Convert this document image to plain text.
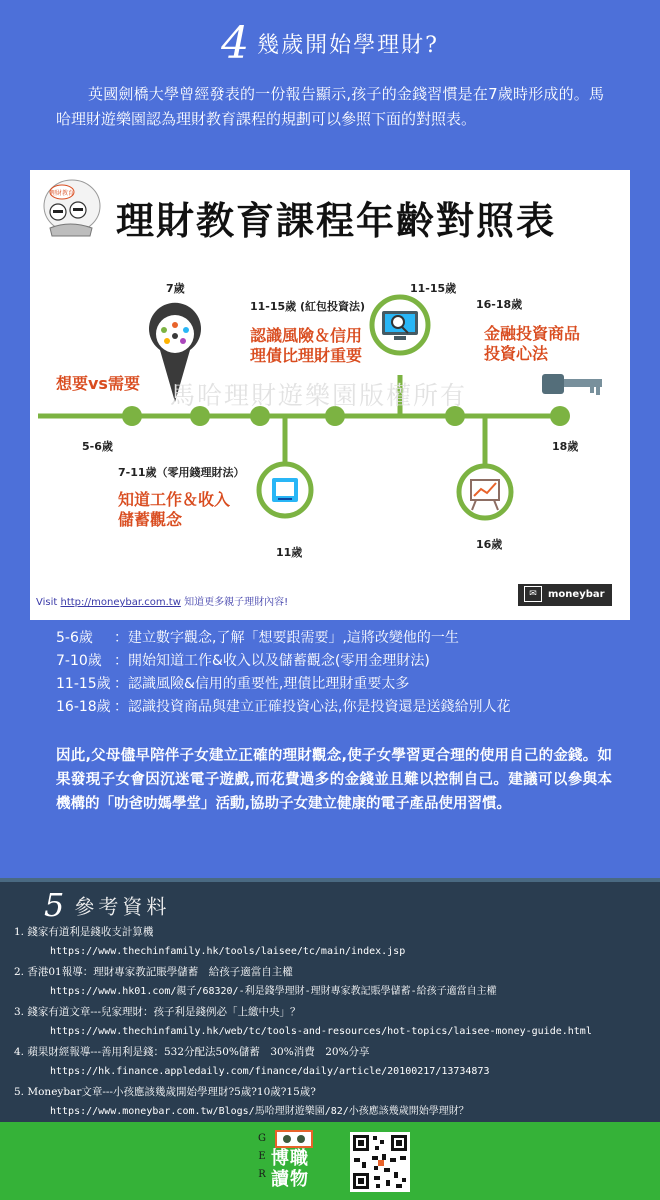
4 幾歲開始學理財?
英國劍橋大學曾經發表的一份報告顯示,孩子的金錢習慣是在7歲時形成的。馬哈理財遊樂園認為理財教育課程的規劃可以參照下面的對照表。
理財教育
理財教育課程年齡對照表
馬哈理財遊樂園版權所有
7歲
11-15歲 (紅包投資法)
11-15歲
16-18歲
5-6歲	18歲
7-11歲（零用錢理財法）
11歲
16歲
想要vs需要
認識風險＆信用
理債比理財重要
金融投資商品
投資心法
知道工作＆收入
儲蓄觀念
Visit http://moneybar.com.tw 知道更多親子理財內容!
✉ moneybar
5-6歲 ：建立數字觀念,了解「想要跟需要」,這將改變他的一生
7-10歲 ：開始知道工作&收入以及儲蓄觀念(零用金理財法)
11-15歲 ：認識風險&信用的重要性,理債比理財重要太多
16-18歲 ：認識投資商品與建立正確投資心法,你是投資還是送錢給別人花
因此,父母儘早陪伴子女建立正確的理財觀念,使子女學習更合理的使用自己的金錢。如果發現子女會因沉迷電子遊戲,而花費過多的金錢並且難以控制自己。建議可以參與本機構的「叻爸叻媽學堂」活動,協助子女建立健康的電子產品使用習慣。
5 參考資料
1. 錢家有道利是錢收支計算機
https://www.thechinfamily.hk/tools/laisee/tc/main/index.jsp
2. 香港01報導：理財專家教記賬學儲蓄　給孩子適當自主權
https://www.hk01.com/親子/68320/-利是錢學理財-理財專家教記賬學儲蓄-給孩子適當自主權
3. 錢家有道文章---兒家理財：孩子利是錢例必「上繳中央」？
https://www.thechinfamily.hk/web/tc/tools-and-resources/hot-topics/laisee-money-guide.html
4. 蘋果財經報導---善用利是錢：532分配法50%儲蓄　30%消費　20%分享
https://hk.finance.appledaily.com/finance/daily/article/20100217/13734873
5. Moneybar文章---小孩應該幾歲開始學理財?5歲?10歲?15歲?
https://www.moneybar.com.tw/Blogs/馬哈理財遊樂園/82/小孩應該幾歲開始學理財？
G
E
R
博職
讀物
